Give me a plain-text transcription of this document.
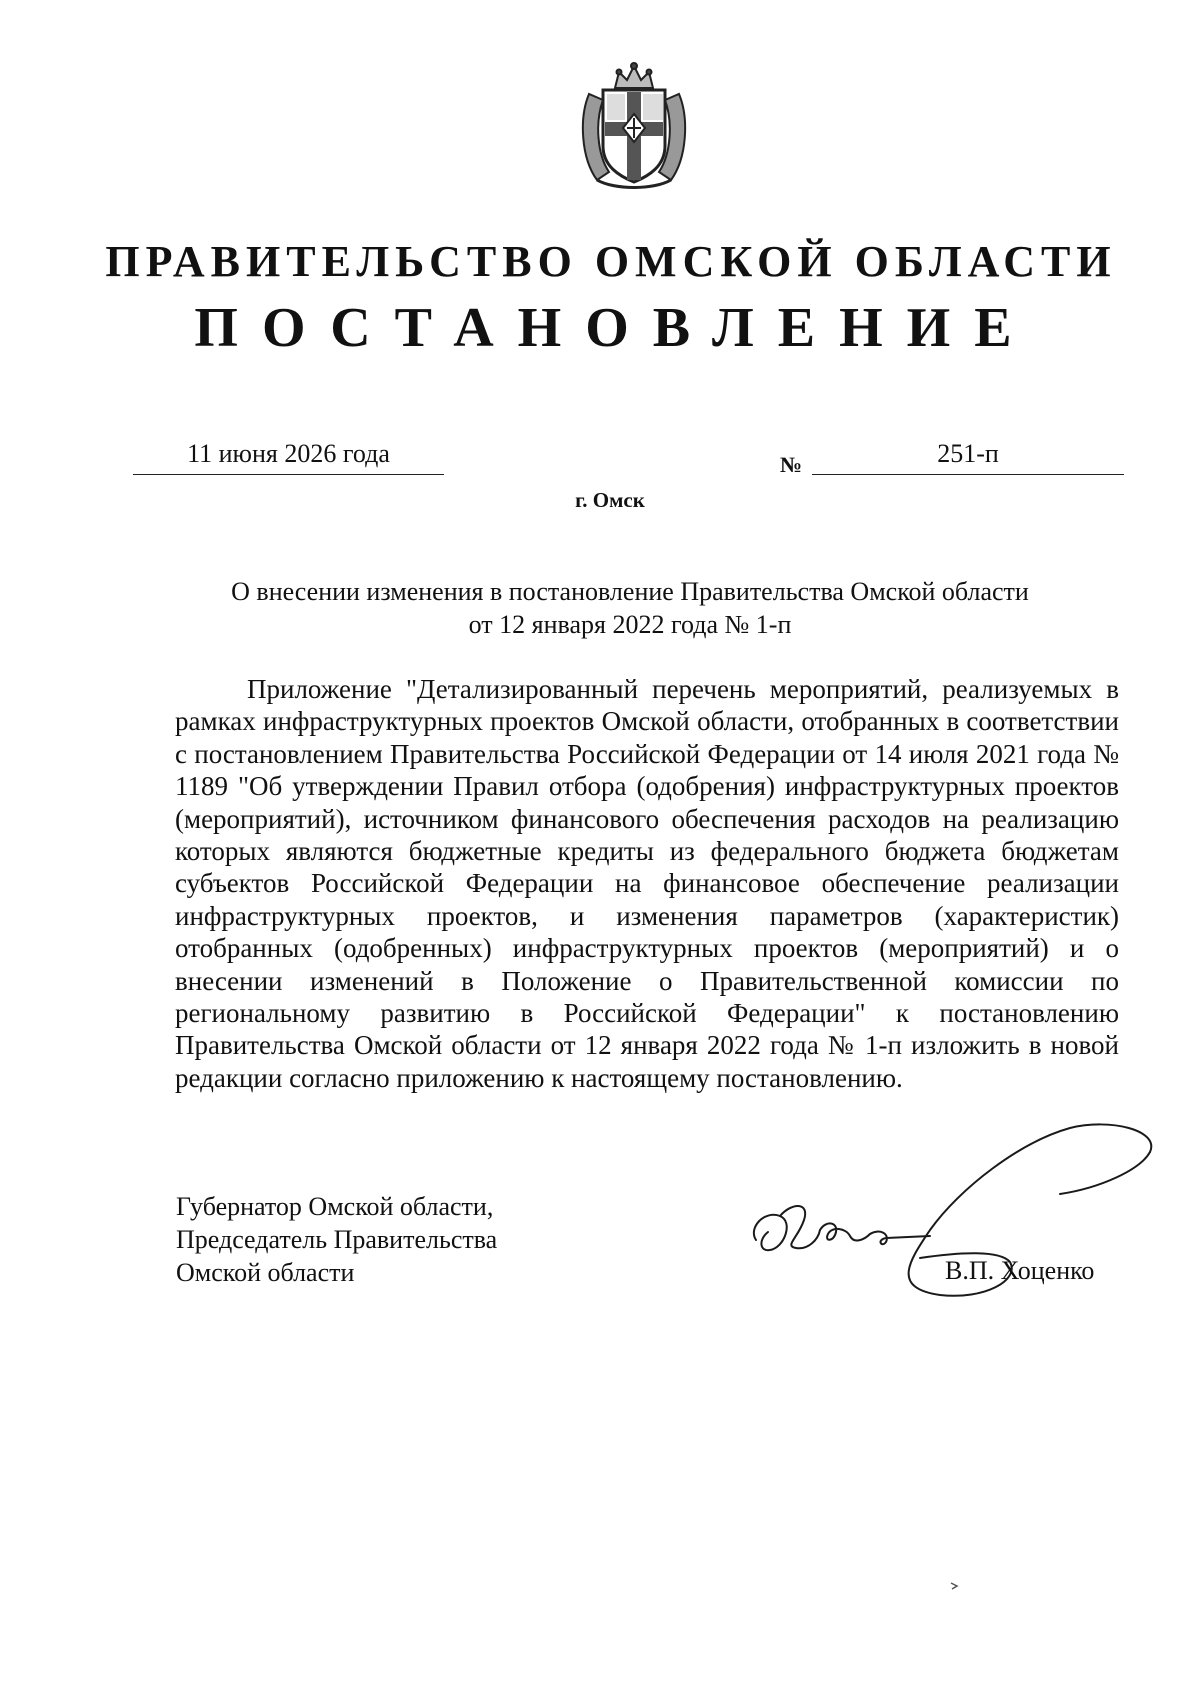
ПРАВИТЕЛЬСТВО ОМСКОЙ ОБЛАСТИ
ПОСТАНОВЛЕНИЕ
11 июня 2026 года	№	251-п
г. Омск
О внесении изменения в постановление Правительства Омской области
от 12 января 2022 года № 1-п

Приложение "Детализированный перечень мероприятий, реализуемых в рамках инфраструктурных проектов Омской области, отобранных в соответствии с постановлением Правительства Российской Федерации от 14 июля 2021 года № 1189 "Об утверждении Правил отбора (одобрения) инфраструктурных проектов (мероприятий), источником финансового обеспечения расходов на реализацию которых являются бюджетные кредиты из федерального бюджета бюджетам субъектов Российской Федерации на финансовое обеспечение реализации инфраструктурных проектов, и изменения параметров (характеристик) отобранных (одобренных) инфраструктурных проектов (мероприятий) и о внесении изменений в Положение о Правительственной комиссии по региональному развитию в Российской Федерации" к постановлению Правительства Омской области от 12 января 2022 года № 1-п изложить в новой редакции согласно приложению к настоящему постановлению.

Губернатор Омской области,
Председатель Правительства
Омской области	В.П. Хоценко
